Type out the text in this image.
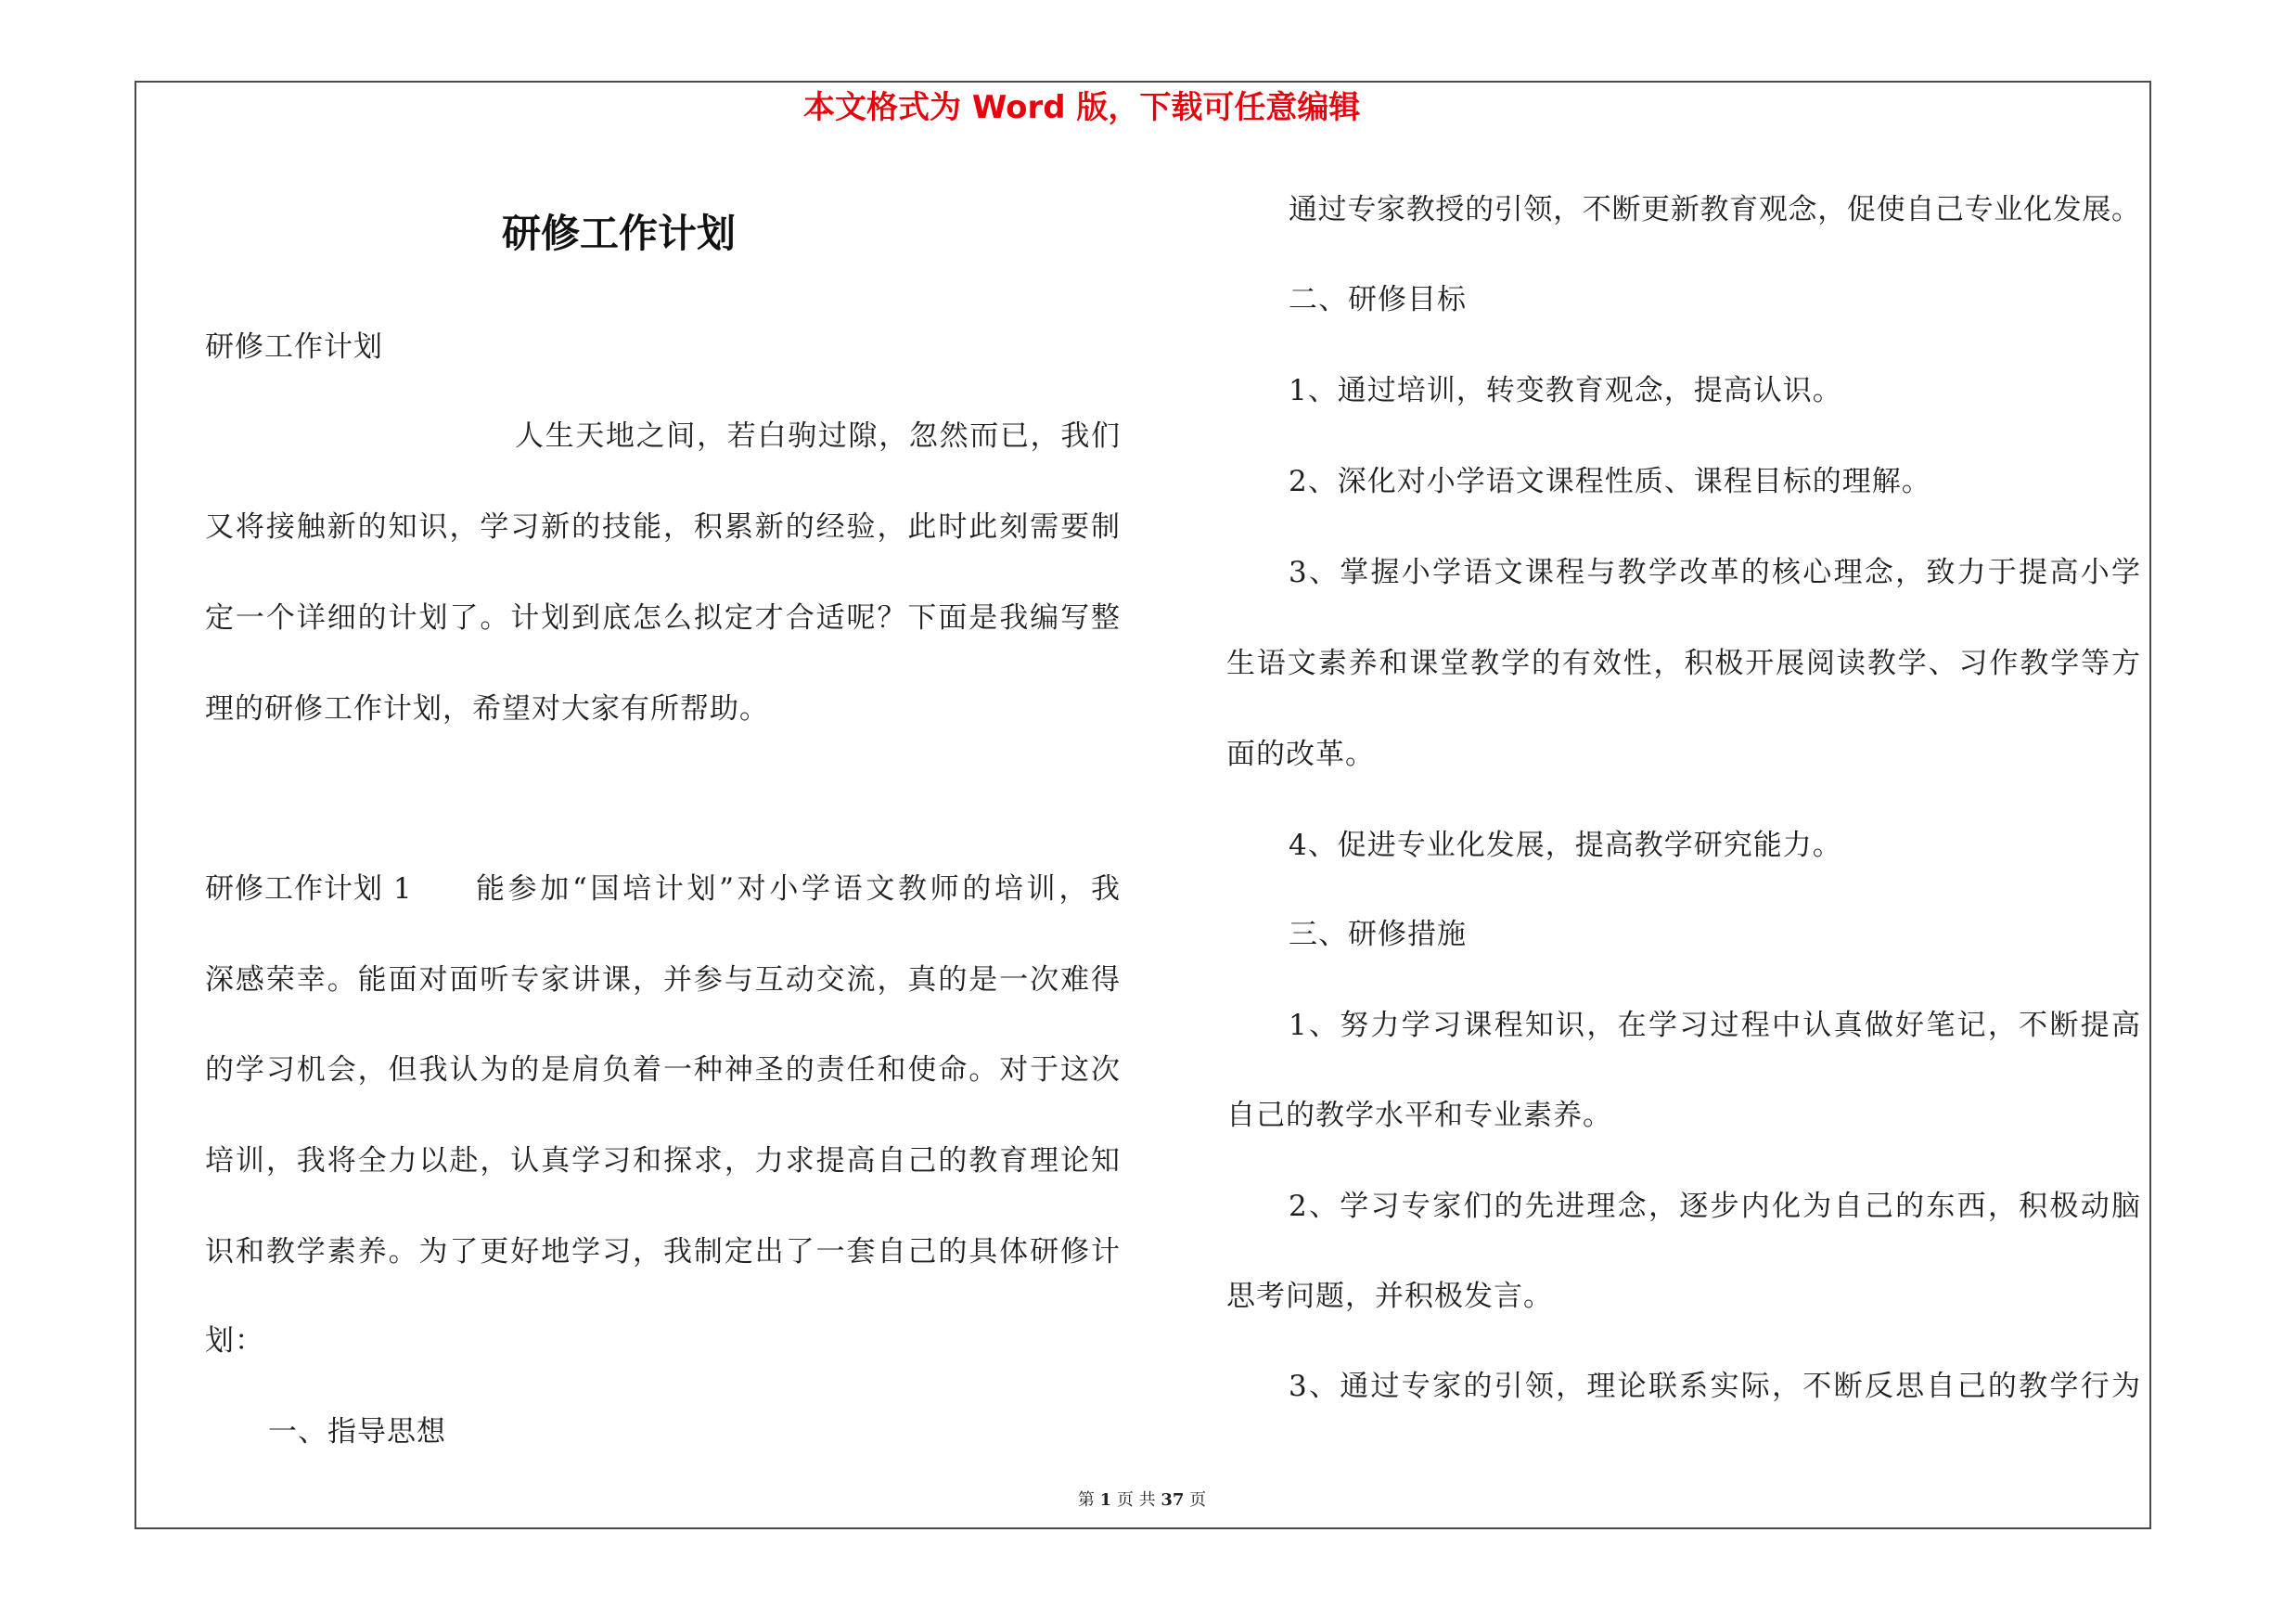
本文格式为 Word 版，下载可任意编辑
研修工作计划
研修工作计划
人生天地之间，若白驹过隙，忽然而已，我们
又将接触新的知识，学习新的技能，积累新的经验，此时此刻需要制
定一个详细的计划了。计划到底怎么拟定才合适呢？下面是我编写整
理的研修工作计划，希望对大家有所帮助。
研修工作计划 1 能参加“国培计划”对小学语文教师的培训，我
深感荣幸。能面对面听专家讲课，并参与互动交流，真的是一次难得
的学习机会，但我认为的是肩负着一种神圣的责任和使命。对于这次
培训，我将全力以赴，认真学习和探求，力求提高自己的教育理论知
识和教学素养。为了更好地学习，我制定出了一套自己的具体研修计
划：
一、指导思想
通过专家教授的引领，不断更新教育观念，促使自己专业化发展。
二、研修目标
1、通过培训，转变教育观念，提高认识。
2、深化对小学语文课程性质、课程目标的理解。
3、掌握小学语文课程与教学改革的核心理念，致力于提高小学
生语文素养和课堂教学的有效性，积极开展阅读教学、习作教学等方
面的改革。
4、促进专业化发展，提高教学研究能力。
三、研修措施
1、努力学习课程知识，在学习过程中认真做好笔记，不断提高
自己的教学水平和专业素养。
2、学习专家们的先进理念，逐步内化为自己的东西，积极动脑
思考问题，并积极发言。
3、通过专家的引领，理论联系实际，不断反思自己的教学行为
第 1 页 共 37 页
